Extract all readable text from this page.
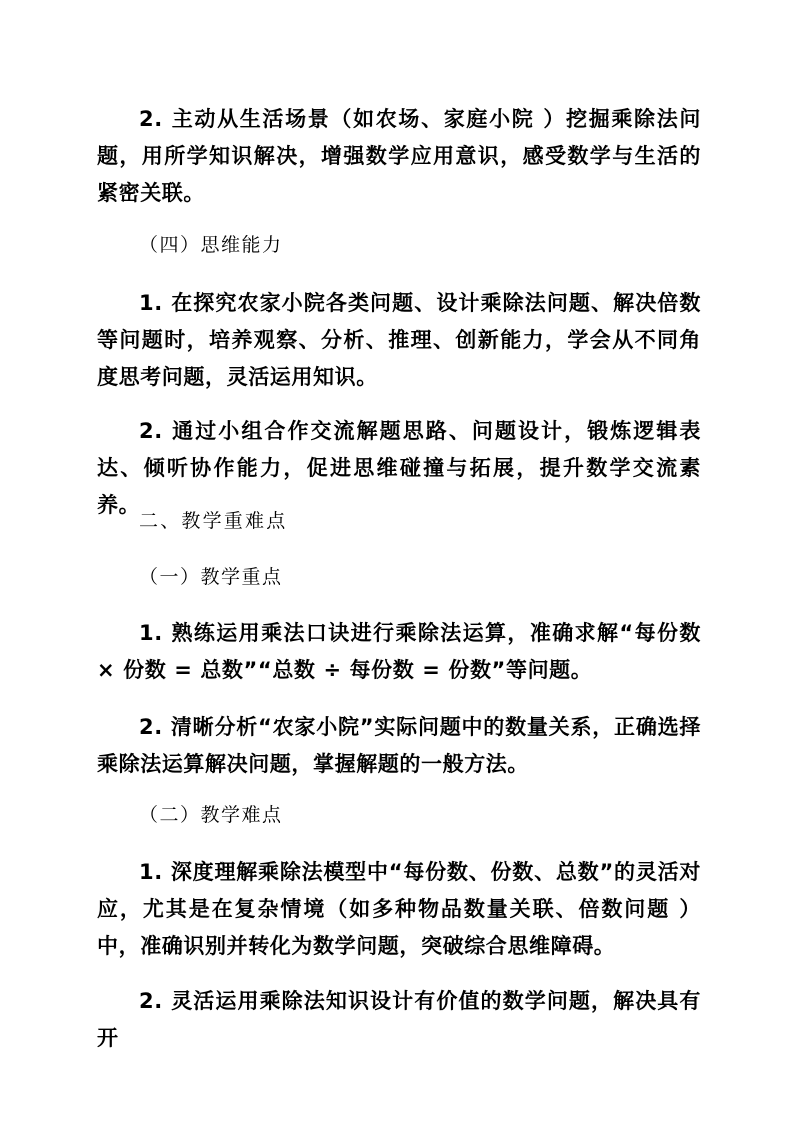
2. 主动从生活场景（如农场、家庭小院 ）挖掘乘除法问题，用所学知识解决，增强数学应用意识，感受数学与生活的紧密关联。

（四）思维能力

1. 在探究农家小院各类问题、设计乘除法问题、解决倍数等问题时，培养观察、分析、推理、创新能力，学会从不同角度思考问题，灵活运用知识。

2. 通过小组合作交流解题思路、问题设计，锻炼逻辑表达、倾听协作能力，促进思维碰撞与拓展，提升数学交流素养。

二、教学重难点
（一）教学重点

1. 熟练运用乘法口诀进行乘除法运算，准确求解“每份数 × 份数 = 总数”“总数 ÷ 每份数 = 份数”等问题。

2. 清晰分析“农家小院”实际问题中的数量关系，正确选择乘除法运算解决问题，掌握解题的一般方法。

（二）教学难点

1. 深度理解乘除法模型中“每份数、份数、总数”的灵活对应，尤其是在复杂情境（如多种物品数量关联、倍数问题 ）中，准确识别并转化为数学问题，突破综合思维障碍。

2. 灵活运用乘除法知识设计有价值的数学问题，解决具有开
